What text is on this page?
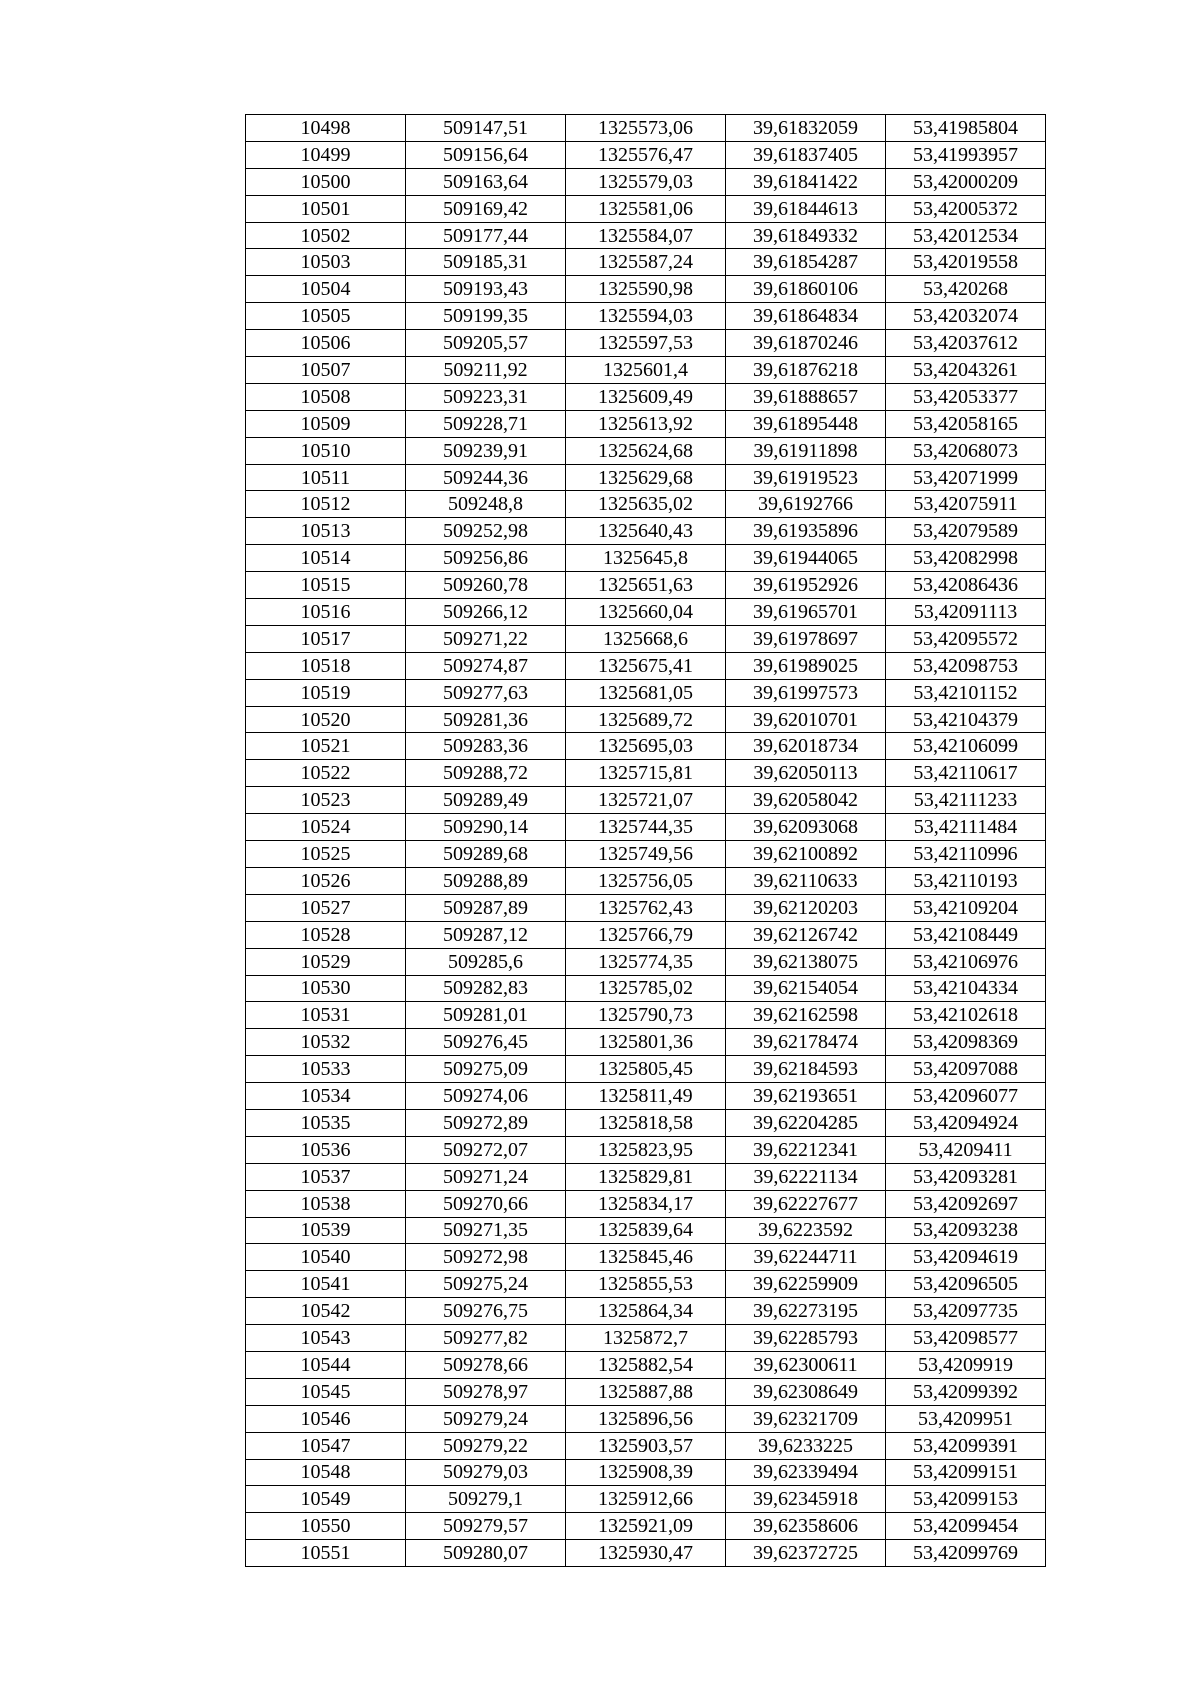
10498	509147,51	1325573,06	39,61832059	53,41985804
10499	509156,64	1325576,47	39,61837405	53,41993957
10500	509163,64	1325579,03	39,61841422	53,42000209
10501	509169,42	1325581,06	39,61844613	53,42005372
10502	509177,44	1325584,07	39,61849332	53,42012534
10503	509185,31	1325587,24	39,61854287	53,42019558
10504	509193,43	1325590,98	39,61860106	53,420268
10505	509199,35	1325594,03	39,61864834	53,42032074
10506	509205,57	1325597,53	39,61870246	53,42037612
10507	509211,92	1325601,4	39,61876218	53,42043261
10508	509223,31	1325609,49	39,61888657	53,42053377
10509	509228,71	1325613,92	39,61895448	53,42058165
10510	509239,91	1325624,68	39,61911898	53,42068073
10511	509244,36	1325629,68	39,61919523	53,42071999
10512	509248,8	1325635,02	39,6192766	53,42075911
10513	509252,98	1325640,43	39,61935896	53,42079589
10514	509256,86	1325645,8	39,61944065	53,42082998
10515	509260,78	1325651,63	39,61952926	53,42086436
10516	509266,12	1325660,04	39,61965701	53,42091113
10517	509271,22	1325668,6	39,61978697	53,42095572
10518	509274,87	1325675,41	39,61989025	53,42098753
10519	509277,63	1325681,05	39,61997573	53,42101152
10520	509281,36	1325689,72	39,62010701	53,42104379
10521	509283,36	1325695,03	39,62018734	53,42106099
10522	509288,72	1325715,81	39,62050113	53,42110617
10523	509289,49	1325721,07	39,62058042	53,42111233
10524	509290,14	1325744,35	39,62093068	53,42111484
10525	509289,68	1325749,56	39,62100892	53,42110996
10526	509288,89	1325756,05	39,62110633	53,42110193
10527	509287,89	1325762,43	39,62120203	53,42109204
10528	509287,12	1325766,79	39,62126742	53,42108449
10529	509285,6	1325774,35	39,62138075	53,42106976
10530	509282,83	1325785,02	39,62154054	53,42104334
10531	509281,01	1325790,73	39,62162598	53,42102618
10532	509276,45	1325801,36	39,62178474	53,42098369
10533	509275,09	1325805,45	39,62184593	53,42097088
10534	509274,06	1325811,49	39,62193651	53,42096077
10535	509272,89	1325818,58	39,62204285	53,42094924
10536	509272,07	1325823,95	39,62212341	53,4209411
10537	509271,24	1325829,81	39,62221134	53,42093281
10538	509270,66	1325834,17	39,62227677	53,42092697
10539	509271,35	1325839,64	39,6223592	53,42093238
10540	509272,98	1325845,46	39,62244711	53,42094619
10541	509275,24	1325855,53	39,62259909	53,42096505
10542	509276,75	1325864,34	39,62273195	53,42097735
10543	509277,82	1325872,7	39,62285793	53,42098577
10544	509278,66	1325882,54	39,62300611	53,4209919
10545	509278,97	1325887,88	39,62308649	53,42099392
10546	509279,24	1325896,56	39,62321709	53,4209951
10547	509279,22	1325903,57	39,6233225	53,42099391
10548	509279,03	1325908,39	39,62339494	53,42099151
10549	509279,1	1325912,66	39,62345918	53,42099153
10550	509279,57	1325921,09	39,62358606	53,42099454
10551	509280,07	1325930,47	39,62372725	53,42099769
